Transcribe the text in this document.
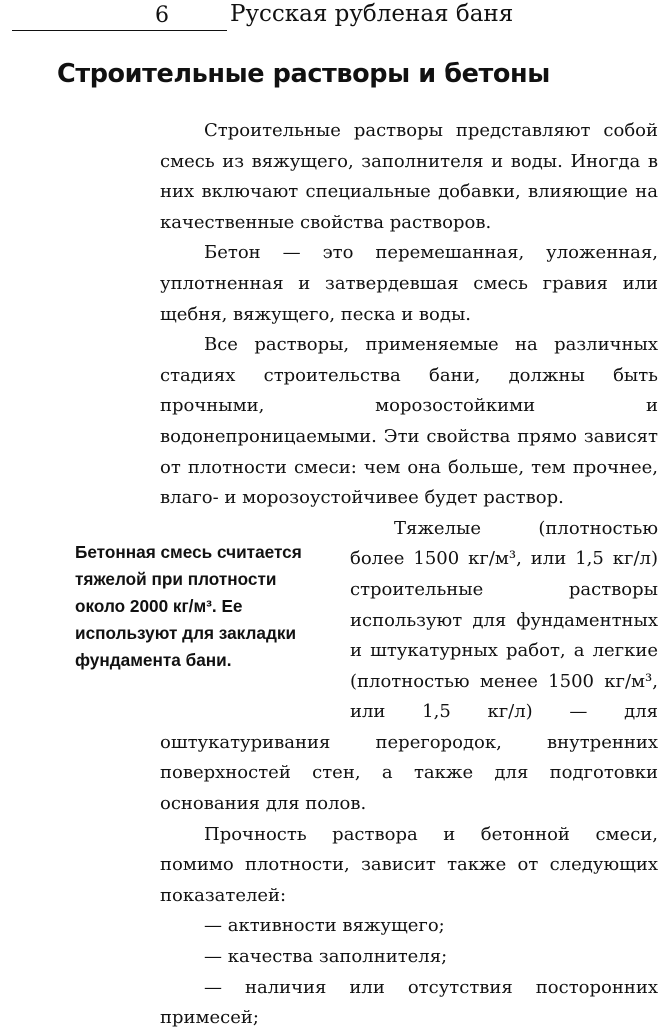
6	Русская рубленая баня
Строительные растворы и бетоны

Строительные растворы представляют собой смесь из вяжущего, заполнителя и воды. Иногда в них включают специальные добавки, влияющие на качественные свойства растворов.

Бетон — это перемешанная, уложенная, уплотненная и затвердевшая смесь гравия или щебня, вяжущего, песка и воды.

Все растворы, применяемые на различных стадиях строительства бани, должны быть прочными, морозостойкими и водонепроницаемыми. Эти свойства прямо зависят от плотности смеси: чем она больше, тем прочнее, влаго- и морозоустойчивее будет раствор.

Тяжелые (плотностью более 1500 кг/м³, или 1,5 кг/л) строительные растворы используют для фундаментных и штукатурных работ, а легкие (плотностью менее 1500 кг/м³, или 1,5 кг/л) — для оштукатуривания перегородок, внутренних поверхностей стен, а также для подготовки основания для полов.

Прочность раствора и бетонной смеси, помимо плотности, зависит также от следующих показателей:

— активности вяжущего;

— качества заполнителя;

— наличия или отсутствия посторонних примесей;

Бетонная смесь считается тяжелой при плотности около 2000 кг/м³. Ее используют для закладки фундамента бани.
